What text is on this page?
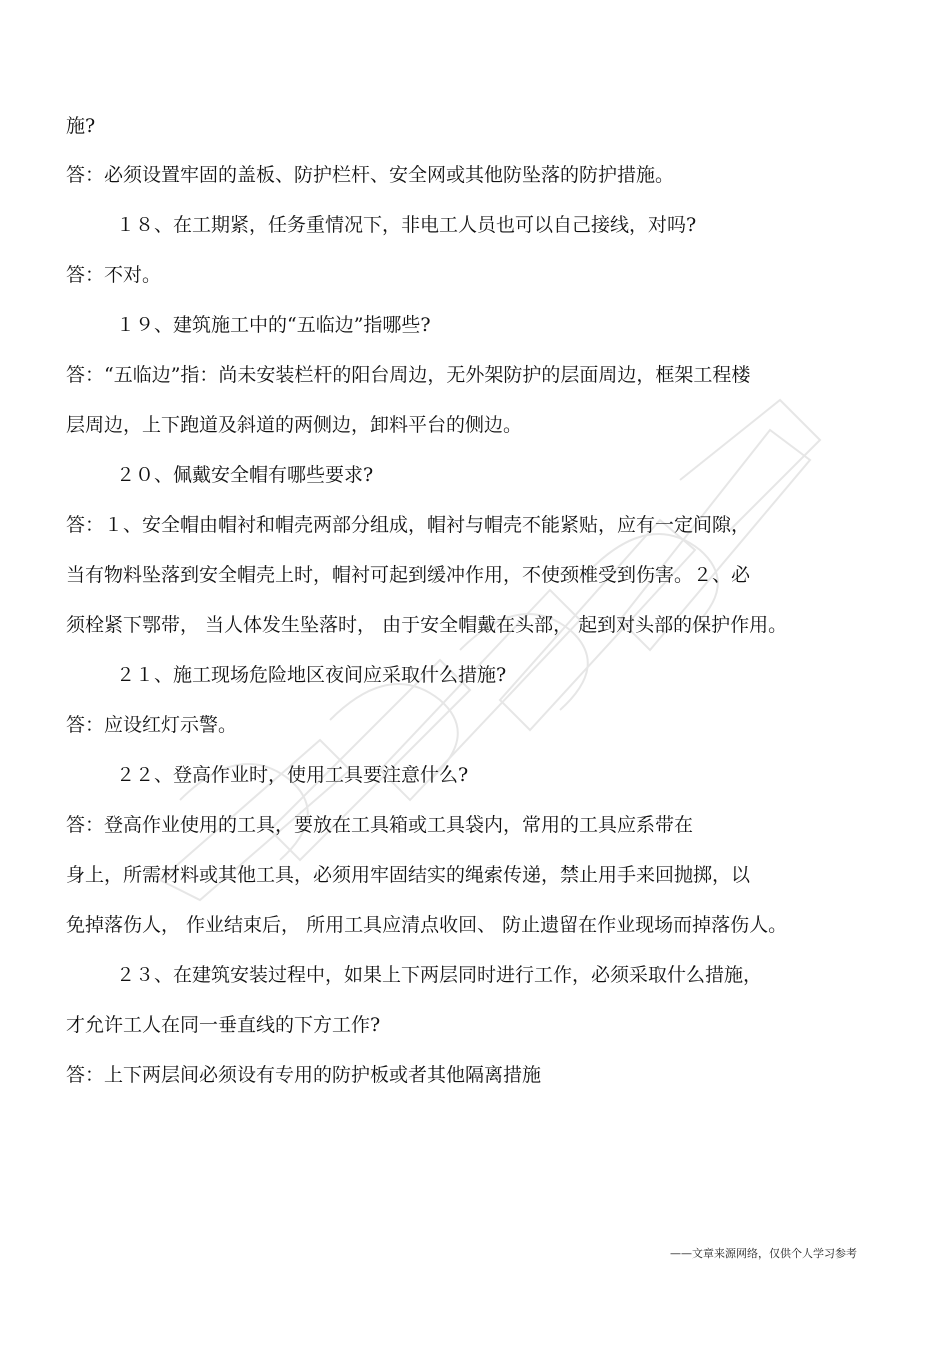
施?
答：必须设置牢固的盖板、防护栏杆、安全网或其他防坠落的防护措施。
１８、在工期紧，任务重情况下，非电工人员也可以自己接线，对吗?
答：不对。
１９、建筑施工中的“五临边”指哪些?
答：“五临边”指：尚未安装栏杆的阳台周边，无外架防护的层面周边，框架工程楼
层周边，上下跑道及斜道的两侧边，卸料平台的侧边。
２０、佩戴安全帽有哪些要求?
答：１、安全帽由帽衬和帽壳两部分组成，帽衬与帽壳不能紧贴，应有一定间隙，
当有物料坠落到安全帽壳上时，帽衬可起到缓冲作用，不使颈椎受到伤害。２、必
须栓紧下鄂带， 当人体发生坠落时， 由于安全帽戴在头部， 起到对头部的保护作用。
２１、施工现场危险地区夜间应采取什么措施?
答：应设红灯示警。
２２、登高作业时，使用工具要注意什么?
答：登高作业使用的工具，要放在工具箱或工具袋内，常用的工具应系带在
身上，所需材料或其他工具，必须用牢固结实的绳索传递，禁止用手来回抛掷，以
免掉落伤人， 作业结束后， 所用工具应清点收回、 防止遗留在作业现场而掉落伤人。
２３、在建筑安装过程中，如果上下两层同时进行工作，必须采取什么措施，
才允许工人在同一垂直线的下方工作?
答：上下两层间必须设有专用的防护板或者其他隔离措施
——文章来源网络，仅供个人学习参考
